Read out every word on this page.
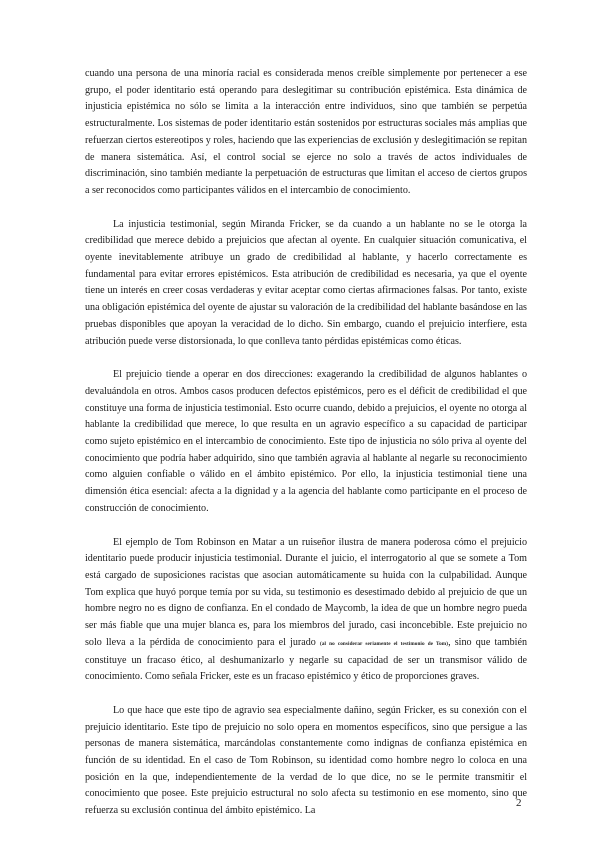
cuando una persona de una minoría racial es considerada menos creíble simplemente por pertenecer a ese grupo, el poder identitario está operando para deslegitimar su contribución epistémica. Esta dinámica de injusticia epistémica no sólo se limita a la interacción entre individuos, sino que también se perpetúa estructuralmente. Los sistemas de poder identitario están sostenidos por estructuras sociales más amplias que refuerzan ciertos estereotipos y roles, haciendo que las experiencias de exclusión y deslegitimación se repitan de manera sistemática. Así, el control social se ejerce no solo a través de actos individuales de discriminación, sino también mediante la perpetuación de estructuras que limitan el acceso de ciertos grupos a ser reconocidos como participantes válidos en el intercambio de conocimiento.

La injusticia testimonial, según Miranda Fricker, se da cuando a un hablante no se le otorga la credibilidad que merece debido a prejuicios que afectan al oyente. En cualquier situación comunicativa, el oyente inevitablemente atribuye un grado de credibilidad al hablante, y hacerlo correctamente es fundamental para evitar errores epistémicos. Esta atribución de credibilidad es necesaria, ya que el oyente tiene un interés en creer cosas verdaderas y evitar aceptar como ciertas afirmaciones falsas. Por tanto, existe una obligación epistémica del oyente de ajustar su valoración de la credibilidad del hablante basándose en las pruebas disponibles que apoyan la veracidad de lo dicho. Sin embargo, cuando el prejuicio interfiere, esta atribución puede verse distorsionada, lo que conlleva tanto pérdidas epistémicas como éticas.

El prejuicio tiende a operar en dos direcciones: exagerando la credibilidad de algunos hablantes o devaluándola en otros. Ambos casos producen defectos epistémicos, pero es el déficit de credibilidad el que constituye una forma de injusticia testimonial. Esto ocurre cuando, debido a prejuicios, el oyente no otorga al hablante la credibilidad que merece, lo que resulta en un agravio específico a su capacidad de participar como sujeto epistémico en el intercambio de conocimiento. Este tipo de injusticia no sólo priva al oyente del conocimiento que podría haber adquirido, sino que también agravia al hablante al negarle su reconocimiento como alguien confiable o válido en el ámbito epistémico. Por ello, la injusticia testimonial tiene una dimensión ética esencial: afecta a la dignidad y a la agencia del hablante como participante en el proceso de construcción de conocimiento.

El ejemplo de Tom Robinson en Matar a un ruiseñor ilustra de manera poderosa cómo el prejuicio identitario puede producir injusticia testimonial. Durante el juicio, el interrogatorio al que se somete a Tom está cargado de suposiciones racistas que asocian automáticamente su huida con la culpabilidad. Aunque Tom explica que huyó porque temía por su vida, su testimonio es desestimado debido al prejuicio de que un hombre negro no es digno de confianza. En el condado de Maycomb, la idea de que un hombre negro pueda ser más fiable que una mujer blanca es, para los miembros del jurado, casi inconcebible. Este prejuicio no solo lleva a la pérdida de conocimiento para el jurado (al no considerar seriamente el testimonio de Tom), sino que también constituye un fracaso ético, al deshumanizarlo y negarle su capacidad de ser un transmisor válido de conocimiento. Como señala Fricker, este es un fracaso epistémico y ético de proporciones graves.

Lo que hace que este tipo de agravio sea especialmente dañino, según Fricker, es su conexión con el prejuicio identitario. Este tipo de prejuicio no solo opera en momentos específicos, sino que persigue a las personas de manera sistemática, marcándolas constantemente como indignas de confianza epistémica en función de su identidad. En el caso de Tom Robinson, su identidad como hombre negro lo coloca en una posición en la que, independientemente de la verdad de lo que dice, no se le permite transmitir el conocimiento que posee. Este prejuicio estructural no solo afecta su testimonio en ese momento, sino que refuerza su exclusión continua del ámbito epistémico. La

2
